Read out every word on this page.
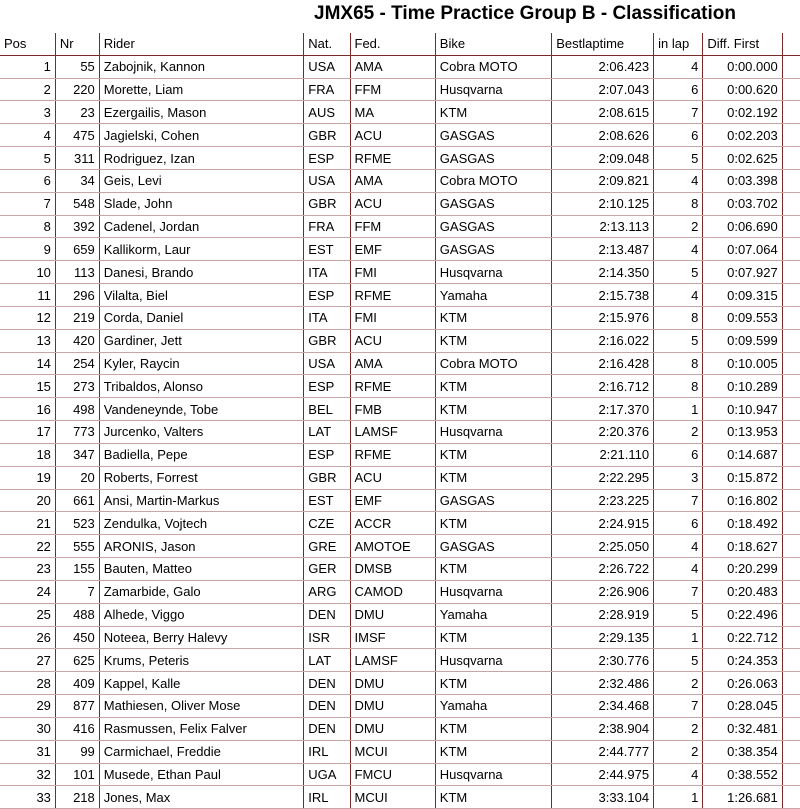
JMX65 - Time Practice Group B - Classification
Pos	Nr	Rider	Nat.	Fed.	Bike	Bestlaptime	in lap	Diff. First	
1	55	Zabojnik, Kannon	USA	AMA	Cobra MOTO	2:06.423	4	0:00.000	
2	220	Morette, Liam	FRA	FFM	Husqvarna	2:07.043	6	0:00.620	
3	23	Ezergailis, Mason	AUS	MA	KTM	2:08.615	7	0:02.192	
4	475	Jagielski, Cohen	GBR	ACU	GASGAS	2:08.626	6	0:02.203	
5	311	Rodriguez, Izan	ESP	RFME	GASGAS	2:09.048	5	0:02.625	
6	34	Geis, Levi	USA	AMA	Cobra MOTO	2:09.821	4	0:03.398	
7	548	Slade, John	GBR	ACU	GASGAS	2:10.125	8	0:03.702	
8	392	Cadenel, Jordan	FRA	FFM	GASGAS	2:13.113	2	0:06.690	
9	659	Kallikorm, Laur	EST	EMF	GASGAS	2:13.487	4	0:07.064	
10	113	Danesi, Brando	ITA	FMI	Husqvarna	2:14.350	5	0:07.927	
11	296	Vilalta, Biel	ESP	RFME	Yamaha	2:15.738	4	0:09.315	
12	219	Corda, Daniel	ITA	FMI	KTM	2:15.976	8	0:09.553	
13	420	Gardiner, Jett	GBR	ACU	KTM	2:16.022	5	0:09.599	
14	254	Kyler, Raycin	USA	AMA	Cobra MOTO	2:16.428	8	0:10.005	
15	273	Tribaldos, Alonso	ESP	RFME	KTM	2:16.712	8	0:10.289	
16	498	Vandeneynde, Tobe	BEL	FMB	KTM	2:17.370	1	0:10.947	
17	773	Jurcenko, Valters	LAT	LAMSF	Husqvarna	2:20.376	2	0:13.953	
18	347	Badiella, Pepe	ESP	RFME	KTM	2:21.110	6	0:14.687	
19	20	Roberts, Forrest	GBR	ACU	KTM	2:22.295	3	0:15.872	
20	661	Ansi, Martin-Markus	EST	EMF	GASGAS	2:23.225	7	0:16.802	
21	523	Zendulka, Vojtech	CZE	ACCR	KTM	2:24.915	6	0:18.492	
22	555	ARONIS, Jason	GRE	AMOTOE	GASGAS	2:25.050	4	0:18.627	
23	155	Bauten, Matteo	GER	DMSB	KTM	2:26.722	4	0:20.299	
24	7	Zamarbide, Galo	ARG	CAMOD	Husqvarna	2:26.906	7	0:20.483	
25	488	Alhede, Viggo	DEN	DMU	Yamaha	2:28.919	5	0:22.496	
26	450	Noteea, Berry Halevy	ISR	IMSF	KTM	2:29.135	1	0:22.712	
27	625	Krums, Peteris	LAT	LAMSF	Husqvarna	2:30.776	5	0:24.353	
28	409	Kappel, Kalle	DEN	DMU	KTM	2:32.486	2	0:26.063	
29	877	Mathiesen, Oliver Mose	DEN	DMU	Yamaha	2:34.468	7	0:28.045	
30	416	Rasmussen, Felix Falver	DEN	DMU	KTM	2:38.904	2	0:32.481	
31	99	Carmichael, Freddie	IRL	MCUI	KTM	2:44.777	2	0:38.354	
32	101	Musede, Ethan Paul	UGA	FMCU	Husqvarna	2:44.975	4	0:38.552	
33	218	Jones, Max	IRL	MCUI	KTM	3:33.104	1	1:26.681	
